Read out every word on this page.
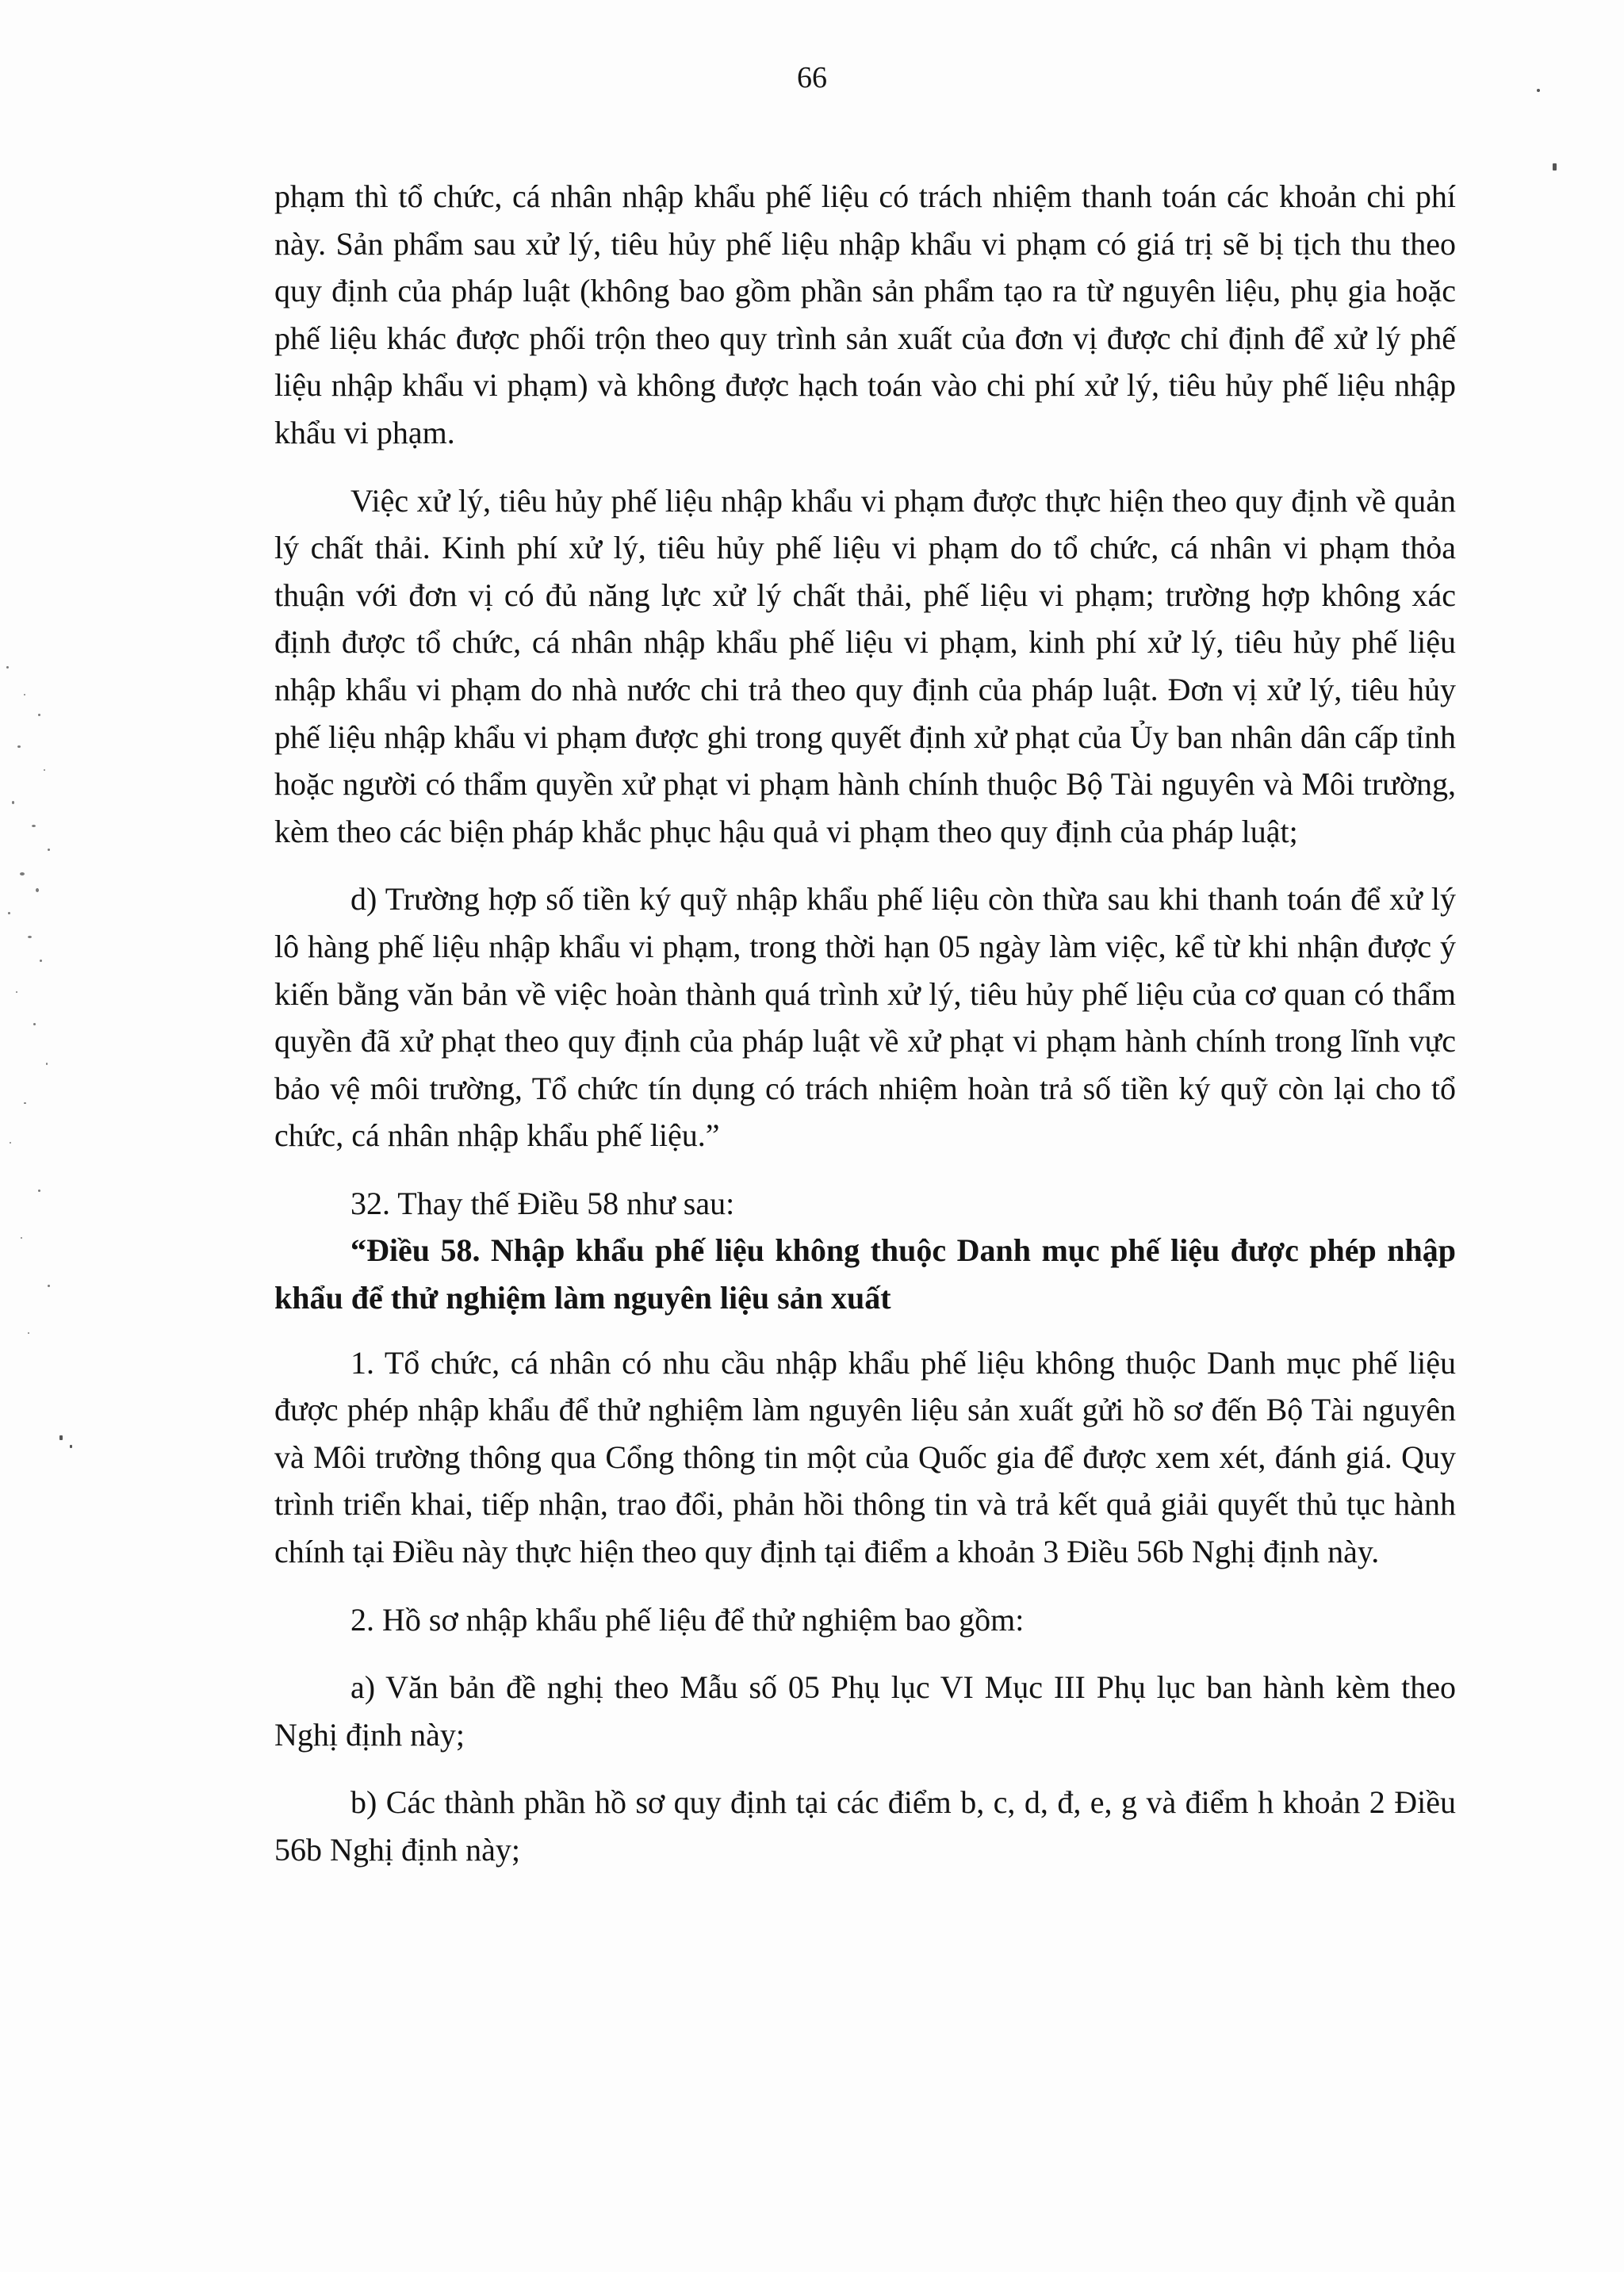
66

phạm thì tổ chức, cá nhân nhập khẩu phế liệu có trách nhiệm thanh toán các khoản chi phí này. Sản phẩm sau xử lý, tiêu hủy phế liệu nhập khẩu vi phạm có giá trị sẽ bị tịch thu theo quy định của pháp luật (không bao gồm phần sản phẩm tạo ra từ nguyên liệu, phụ gia hoặc phế liệu khác được phối trộn theo quy trình sản xuất của đơn vị được chỉ định để xử lý phế liệu nhập khẩu vi phạm) và không được hạch toán vào chi phí xử lý, tiêu hủy phế liệu nhập khẩu vi phạm.

Việc xử lý, tiêu hủy phế liệu nhập khẩu vi phạm được thực hiện theo quy định về quản lý chất thải. Kinh phí xử lý, tiêu hủy phế liệu vi phạm do tổ chức, cá nhân vi phạm thỏa thuận với đơn vị có đủ năng lực xử lý chất thải, phế liệu vi phạm; trường hợp không xác định được tổ chức, cá nhân nhập khẩu phế liệu vi phạm, kinh phí xử lý, tiêu hủy phế liệu nhập khẩu vi phạm do nhà nước chi trả theo quy định của pháp luật. Đơn vị xử lý, tiêu hủy phế liệu nhập khẩu vi phạm được ghi trong quyết định xử phạt của Ủy ban nhân dân cấp tỉnh hoặc người có thẩm quyền xử phạt vi phạm hành chính thuộc Bộ Tài nguyên và Môi trường, kèm theo các biện pháp khắc phục hậu quả vi phạm theo quy định của pháp luật;

d) Trường hợp số tiền ký quỹ nhập khẩu phế liệu còn thừa sau khi thanh toán để xử lý lô hàng phế liệu nhập khẩu vi phạm, trong thời hạn 05 ngày làm việc, kể từ khi nhận được ý kiến bằng văn bản về việc hoàn thành quá trình xử lý, tiêu hủy phế liệu của cơ quan có thẩm quyền đã xử phạt theo quy định của pháp luật về xử phạt vi phạm hành chính trong lĩnh vực bảo vệ môi trường, Tổ chức tín dụng có trách nhiệm hoàn trả số tiền ký quỹ còn lại cho tổ chức, cá nhân nhập khẩu phế liệu.”

32. Thay thế Điều 58 như sau:

“Điều 58. Nhập khẩu phế liệu không thuộc Danh mục phế liệu được phép nhập khẩu để thử nghiệm làm nguyên liệu sản xuất

1. Tổ chức, cá nhân có nhu cầu nhập khẩu phế liệu không thuộc Danh mục phế liệu được phép nhập khẩu để thử nghiệm làm nguyên liệu sản xuất gửi hồ sơ đến Bộ Tài nguyên và Môi trường thông qua Cổng thông tin một của Quốc gia để được xem xét, đánh giá. Quy trình triển khai, tiếp nhận, trao đổi, phản hồi thông tin và trả kết quả giải quyết thủ tục hành chính tại Điều này thực hiện theo quy định tại điểm a khoản 3 Điều 56b Nghị định này.

2. Hồ sơ nhập khẩu phế liệu để thử nghiệm bao gồm:

a) Văn bản đề nghị theo Mẫu số 05 Phụ lục VI Mục III Phụ lục ban hành kèm theo Nghị định này;

b) Các thành phần hồ sơ quy định tại các điểm b, c, d, đ, e, g và điểm h khoản 2 Điều 56b Nghị định này;
